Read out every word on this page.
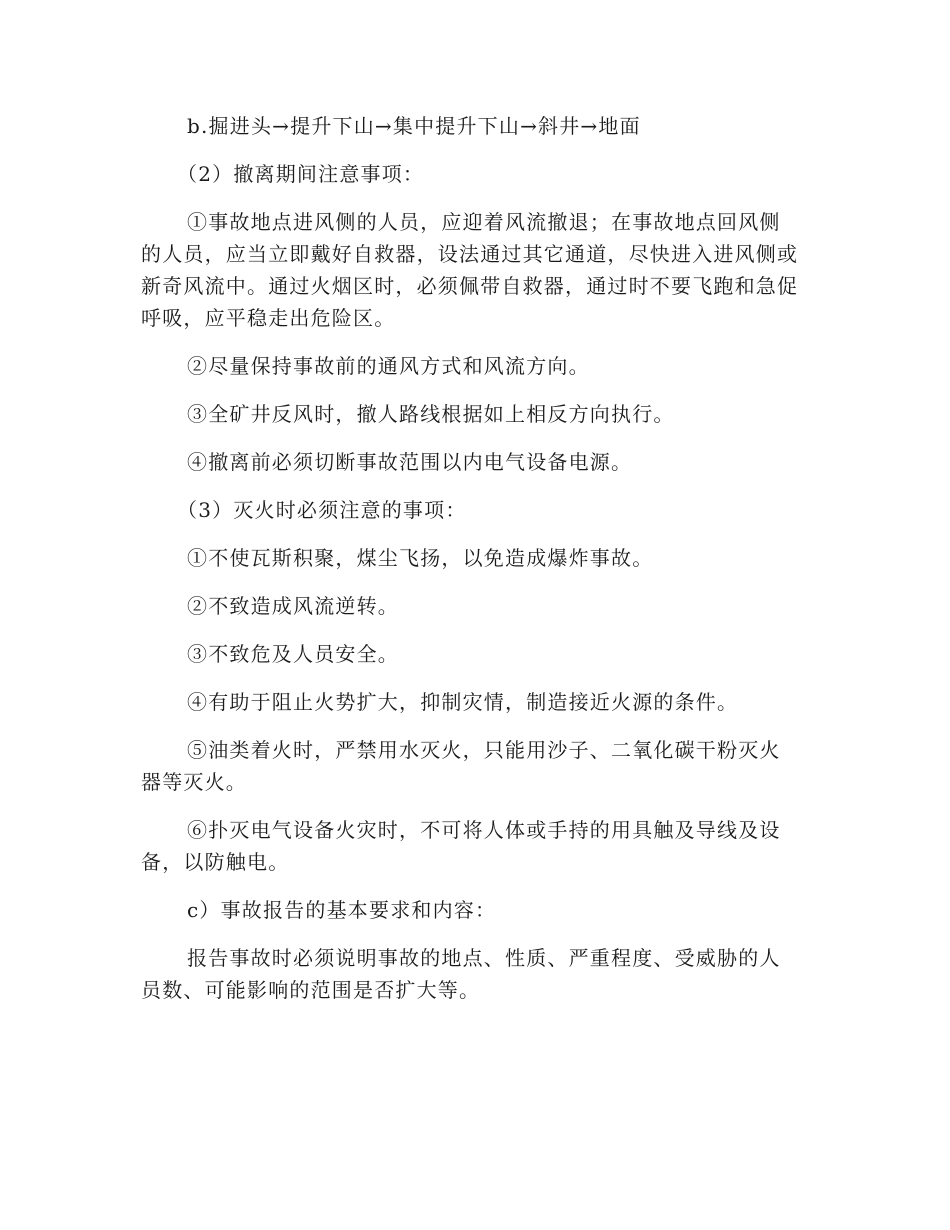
b.掘进头→提升下山→集中提升下山→斜井→地面

（2）撤离期间注意事项：

①事故地点进风侧的人员，应迎着风流撤退；在事故地点回风侧的人员，应当立即戴好自救器，设法通过其它通道，尽快进入进风侧或新奇风流中。通过火烟区时，必须佩带自救器，通过时不要飞跑和急促呼吸，应平稳走出危险区。

②尽量保持事故前的通风方式和风流方向。

③全矿井反风时，撤人路线根据如上相反方向执行。

④撤离前必须切断事故范围以内电气设备电源。

（3）灭火时必须注意的事项：

①不使瓦斯积聚，煤尘飞扬，以免造成爆炸事故。

②不致造成风流逆转。

③不致危及人员安全。

④有助于阻止火势扩大，抑制灾情，制造接近火源的条件。

⑤油类着火时，严禁用水灭火，只能用沙子、二氧化碳干粉灭火器等灭火。

⑥扑灭电气设备火灾时，不可将人体或手持的用具触及导线及设备，以防触电。

c）事故报告的基本要求和内容：

报告事故时必须说明事故的地点、性质、严重程度、受威胁的人员数、可能影响的范围是否扩大等。
